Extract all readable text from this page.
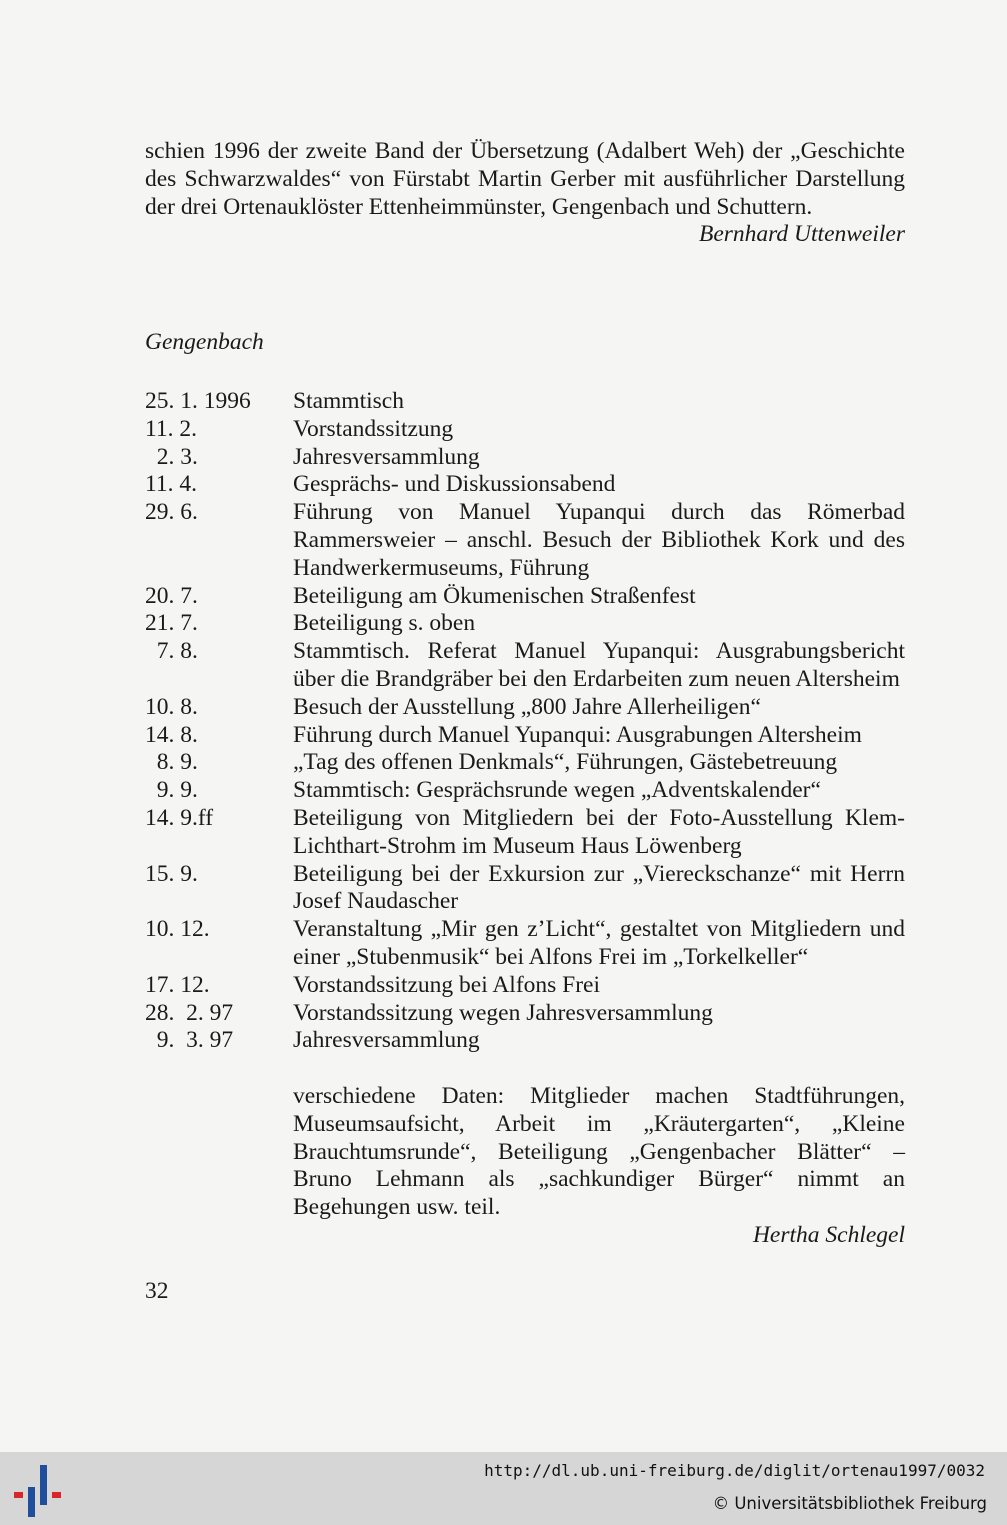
schien 1996 der zweite Band der Übersetzung (Adalbert Weh) der „Geschichte des Schwarzwaldes“ von Fürstabt Martin Gerber mit ausführlicher Darstellung der drei Ortenauklöster Ettenheimmünster, Gengenbach und Schuttern.

Bernhard Uttenweiler

Gengenbach
25. 1. 1996	Stammtisch
11. 2.	Vorstandssitzung
2. 3.	Jahresversammlung
11. 4.	Gesprächs- und Diskussionsabend
29. 6.	Führung von Manuel Yupanqui durch das Römerbad Rammersweier – anschl. Besuch der Bibliothek Kork und des Handwerkermuseums, Führung
20. 7.	Beteiligung am Ökumenischen Straßenfest
21. 7.	Beteiligung s. oben
7. 8.	Stammtisch. Referat Manuel Yupanqui: Ausgrabungsbericht über die Brandgräber bei den Erdarbeiten zum neuen Altersheim
10. 8.	Besuch der Ausstellung „800 Jahre Allerheiligen“
14. 8.	Führung durch Manuel Yupanqui: Ausgrabungen Altersheim
8. 9.	„Tag des offenen Denkmals“, Führungen, Gästebetreuung
9. 9.	Stammtisch: Gesprächsrunde wegen „Adventskalender“
14. 9.ff	Beteiligung von Mitgliedern bei der Foto-Ausstellung Klem-Lichthart-Strohm im Museum Haus Löwenberg
15. 9.	Beteiligung bei der Exkursion zur „Viereckschanze“ mit Herrn Josef Naudascher
10. 12.	Veranstaltung „Mir gen z’Licht“, gestaltet von Mitgliedern und einer „Stubenmusik“ bei Alfons Frei im „Torkelkeller“
17. 12.	Vorstandssitzung bei Alfons Frei
28.  2. 97	Vorstandssitzung wegen Jahresversammlung
9.  3. 97	Jahresversammlung
verschiedene Daten: Mitglieder machen Stadtführungen, Museumsaufsicht, Arbeit im „Kräutergarten“, „Kleine Brauchtumsrunde“, Beteiligung „Gengenbacher Blätter“ – Bruno Lehmann als „sachkundiger Bürger“ nimmt an Begehungen usw. teil.

Hertha Schlegel

32
http://dl.ub.uni-freiburg.de/diglit/ortenau1997/0032
© Universitätsbibliothek Freiburg
